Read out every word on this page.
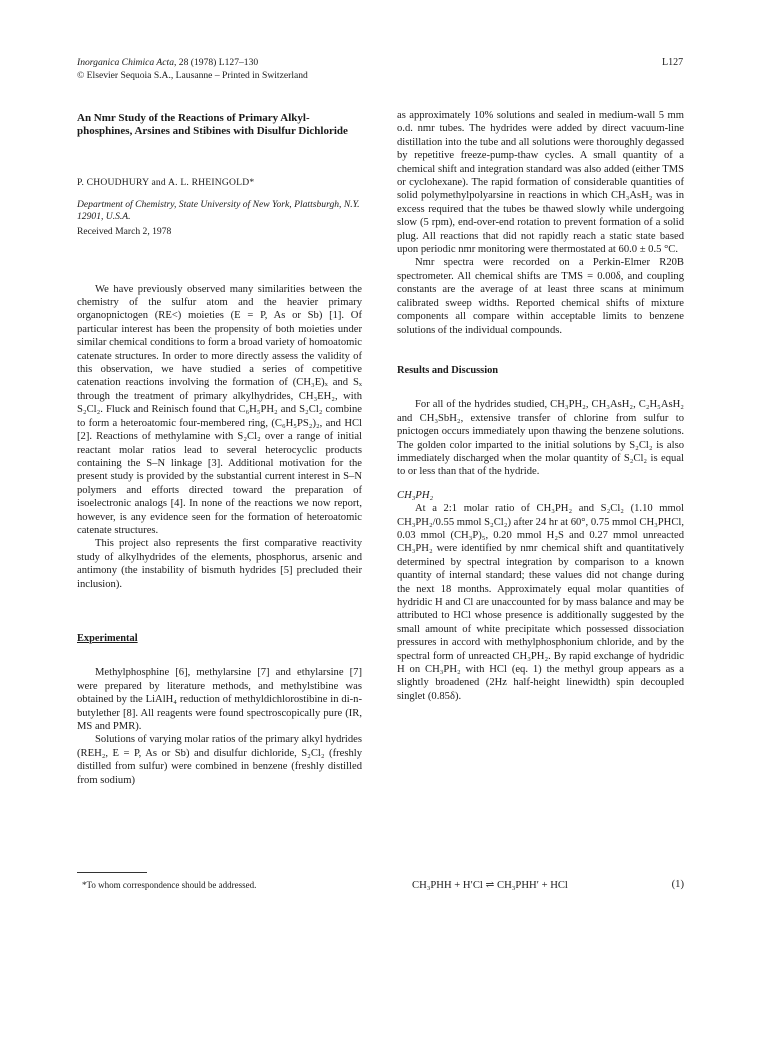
Inorganica Chimica Acta, 28 (1978) L127–130
© Elsevier Sequoia S.A., Lausanne – Printed in Switzerland
L127
An Nmr Study of the Reactions of Primary Alkyl-phosphines, Arsines and Stibines with Disulfur Dichloride

P. CHOUDHURY and A. L. RHEINGOLD*

Department of Chemistry, State University of New York, Plattsburgh, N.Y. 12901, U.S.A.

Received March 2, 1978

We have previously observed many similarities between the chemistry of the sulfur atom and the heavier primary organopnictogen (RE<) moieties (E = P, As or Sb) [1]. Of particular interest has been the propensity of both moieties under similar chemical conditions to form a broad variety of homoatomic catenate structures. In order to more directly assess the validity of this observation, we have studied a series of competitive catenation reactions involving the formation of (CH₃E)ₓ and Sₓ through the treatment of primary alkylhydrides, CH₃EH₂, with S₂Cl₂. Fluck and Reinisch found that C₆H₅PH₂ and S₂Cl₂ combine to form a heteroatomic four-membered ring, (C₆H₅PS₂)₂, and HCl [2]. Reactions of methylamine with S₂Cl₂ over a range of initial reactant molar ratios lead to several heterocyclic products containing the S–N linkage [3]. Additional motivation for the present study is provided by the substantial current interest in S–N polymers and efforts directed toward the preparation of isoelectronic analogs [4]. In none of the reactions we now report, however, is any evidence seen for the formation of heteroatomic catenate structures.

This project also represents the first comparative reactivity study of alkylhydrides of the elements, phosphorus, arsenic and antimony (the instability of bismuth hydrides [5] precluded their inclusion).

Experimental

Methylphosphine [6], methylarsine [7] and ethylarsine [7] were prepared by literature methods, and methylstibine was obtained by the LiAlH₄ reduction of methyldichlorostibine in di-n-butylether [8]. All reagents were found spectroscopically pure (IR, MS and PMR).

Solutions of varying molar ratios of the primary alkyl hydrides (REH₂, E = P, As or Sb) and disulfur dichloride, S₂Cl₂ (freshly distilled from sulfur) were combined in benzene (freshly distilled from sodium)

as approximately 10% solutions and sealed in medium-wall 5 mm o.d. nmr tubes. The hydrides were added by direct vacuum-line distillation into the tube and all solutions were thoroughly degassed by repetitive freeze-pump-thaw cycles. A small quantity of a chemical shift and integration standard was also added (either TMS or cyclohexane). The rapid formation of considerable quantities of solid polymethylpolyarsine in reactions in which CH₃AsH₂ was in excess required that the tubes be thawed slowly while undergoing slow (5 rpm), end-over-end rotation to prevent formation of a solid plug. All reactions that did not rapidly reach a static state based upon periodic nmr monitoring were thermostated at 60.0 ± 0.5 °C.

Nmr spectra were recorded on a Perkin-Elmer R20B spectrometer. All chemical shifts are TMS = 0.00δ, and coupling constants are the average of at least three scans at minimum calibrated sweep widths. Reported chemical shifts of mixture components all compare within acceptable limits to benzene solutions of the individual compounds.

Results and Discussion

For all of the hydrides studied, CH₃PH₂, CH₃AsH₂, C₂H₅AsH₂ and CH₃SbH₂, extensive transfer of chlorine from sulfur to pnictogen occurs immediately upon thawing the benzene solutions. The golden color imparted to the initial solutions by S₂Cl₂ is also immediately discharged when the molar quantity of S₂Cl₂ is equal to or less than that of the hydride.

CH₃PH₂

At a 2:1 molar ratio of CH₃PH₂ and S₂Cl₂ (1.10 mmol CH₃PH₂/0.55 mmol S₂Cl₂) after 24 hr at 60°, 0.75 mmol CH₃PHCl, 0.03 mmol (CH₃P)₅, 0.20 mmol H₂S and 0.27 mmol unreacted CH₃PH₂ were identified by nmr chemical shift and quantitatively determined by spectral integration by comparison to a known quantity of internal standard; these values did not change during the next 18 months. Approximately equal molar quantities of hydridic H and Cl are unaccounted for by mass balance and may be attributed to HCl whose presence is additionally suggested by the small amount of white precipitate which possessed dissociation pressures in accord with methylphosphonium chloride, and by the spectral form of unreacted CH₃PH₂. By rapid exchange of hydridic H on CH₃PH₂ with HCl (eq. 1) the methyl group appears as a slightly broadened (2Hz half-height linewidth) spin decoupled singlet (0.85δ).

*To whom correspondence should be addressed.	CH₃PHH + H′Cl ⇌ CH₃PHH′ + HCl	(1)
